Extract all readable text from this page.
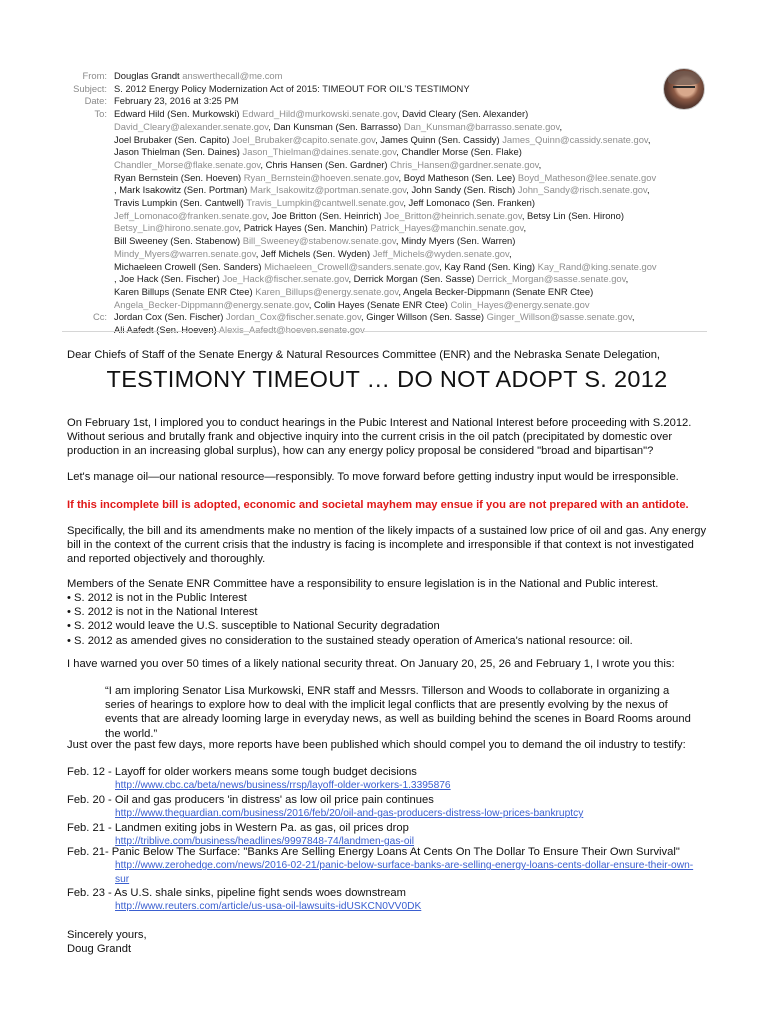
From: Douglas Grandt answerthecall@me.com
Subject: S. 2012 Energy Policy Modernization Act of 2015: TIMEOUT FOR OIL'S TESTIMONY
Date: February 23, 2016 at 3:25 PM
To: Edward Hild (Sen. Murkowski) Edward_Hild@murkowski.senate.gov, David Cleary (Sen. Alexander)
David_Cleary@alexander.senate.gov, Dan Kunsman (Sen. Barrasso) Dan_Kunsman@barrasso.senate.gov,
Joel Brubaker (Sen. Capito) Joel_Brubaker@capito.senate.gov, James Quinn (Sen. Cassidy) James_Quinn@cassidy.senate.gov,
Jason Thielman (Sen. Daines) Jason_Thielman@daines.senate.gov, Chandler Morse (Sen. Flake)
Chandler_Morse@flake.senate.gov, Chris Hansen (Sen. Gardner) Chris_Hansen@gardner.senate.gov,
Ryan Bernstein (Sen. Hoeven) Ryan_Bernstein@hoeven.senate.gov, Boyd Matheson (Sen. Lee) Boyd_Matheson@lee.senate.gov
, Mark Isakowitz (Sen. Portman) Mark_Isakowitz@portman.senate.gov, John Sandy (Sen. Risch) John_Sandy@risch.senate.gov,
Travis Lumpkin (Sen. Cantwell) Travis_Lumpkin@cantwell.senate.gov, Jeff Lomonaco (Sen. Franken)
Jeff_Lomonaco@franken.senate.gov, Joe Britton (Sen. Heinrich) Joe_Britton@heinrich.senate.gov, Betsy Lin (Sen. Hirono)
Betsy_Lin@hirono.senate.gov, Patrick Hayes (Sen. Manchin) Patrick_Hayes@manchin.senate.gov,
Bill Sweeney (Sen. Stabenow) Bill_Sweeney@stabenow.senate.gov, Mindy Myers (Sen. Warren)
Mindy_Myers@warren.senate.gov, Jeff Michels (Sen. Wyden) Jeff_Michels@wyden.senate.gov,
Michaeleen Crowell (Sen. Sanders) Michaeleen_Crowell@sanders.senate.gov, Kay Rand (Sen. King) Kay_Rand@king.senate.gov
, Joe Hack (Sen. Fischer) Joe_Hack@fischer.senate.gov, Derrick Morgan (Sen. Sasse) Derrick_Morgan@sasse.senate.gov,
Karen Billups (Senate ENR Ctee) Karen_Billups@energy.senate.gov, Angela Becker-Dippmann (Senate ENR Ctee)
Angela_Becker-Dippmann@energy.senate.gov, Colin Hayes (Senate ENR Ctee) Colin_Hayes@energy.senate.gov
Cc: Jordan Cox (Sen. Fischer) Jordan_Cox@fischer.senate.gov, Ginger Willson (Sen. Sasse) Ginger_Willson@sasse.senate.gov,
Ali Aafedt (Sen. Hoeven) Alexis_Aafedt@hoeven.senate.gov
Dear Chiefs of Staff of the Senate Energy & Natural Resources Committee (ENR) and the Nebraska Senate Delegation,
TESTIMONY TIMEOUT … DO NOT ADOPT S. 2012
On February 1st, I implored you to conduct hearings in the Pubic Interest and National Interest before proceeding with S.2012. Without serious and brutally frank and objective inquiry into the current crisis in the oil patch (precipitated by domestic over production in an increasing global surplus), how can any energy policy proposal be considered "broad and bipartisan"?
Let's manage oil—our national resource—responsibly. To move forward before getting industry input would be irresponsible.
If this incomplete bill is adopted, economic and societal mayhem may ensue if you are not prepared with an antidote.
Specifically, the bill and its amendments make no mention of the likely impacts of a sustained low price of oil and gas. Any energy bill in the context of the current crisis that the industry is facing is incomplete and irresponsible if that context is not investigated and reported objectively and thoroughly.
Members of the Senate ENR Committee have a responsibility to ensure legislation is in the National and Public interest.
• S. 2012 is not in the Public Interest
• S. 2012 is not in the National Interest
• S. 2012 would leave the U.S. susceptible to National Security degradation
• S. 2012 as amended gives no consideration to the sustained steady operation of America's national resource: oil.
I have warned you over 50 times of a likely national security threat. On January 20, 25, 26 and February 1, I wrote you this:
“I am imploring Senator Lisa Murkowski, ENR staff and Messrs. Tillerson and Woods to collaborate in organizing a series of hearings to explore how to deal with the implicit legal conflicts that are presently evolving by the nexus of events that are already looming large in everyday news, as well as building behind the scenes in Board Rooms around the world.”
Just over the past few days, more reports have been published which should compel you to demand the oil industry to testify:
Feb. 12 - Layoff for older workers means some tough budget decisions
http://www.cbc.ca/beta/news/business/rrsp/layoff-older-workers-1.3395876
Feb. 20 - Oil and gas producers 'in distress' as low oil price pain continues
http://www.theguardian.com/business/2016/feb/20/oil-and-gas-producers-distress-low-prices-bankruptcy
Feb. 21 - Landmen exiting jobs in Western Pa. as gas, oil prices drop
http://triblive.com/business/headlines/9997848-74/landmen-gas-oil
Feb. 21- Panic Below The Surface: "Banks Are Selling Energy Loans At Cents On The Dollar To Ensure Their Own Survival"
http://www.zerohedge.com/news/2016-02-21/panic-below-surface-banks-are-selling-energy-loans-cents-dollar-ensure-their-own-sur
Feb. 23 - As U.S. shale sinks, pipeline fight sends woes downstream
http://www.reuters.com/article/us-usa-oil-lawsuits-idUSKCN0VV0DK
Sincerely yours,
Doug Grandt
